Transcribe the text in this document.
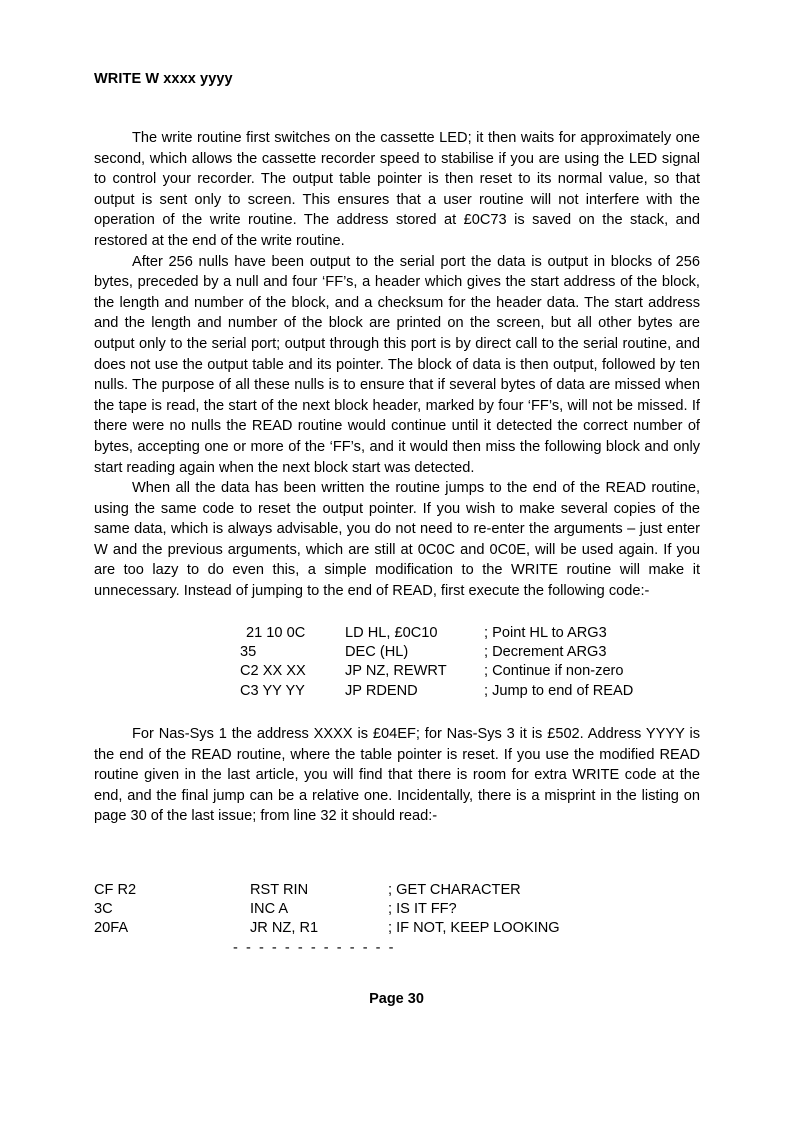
WRITE W xxxx yyyy

The write routine first switches on the cassette LED; it then waits for approximately one second, which allows the cassette recorder speed to stabilise if you are using the LED signal to control your recorder. The output table pointer is then reset to its normal value, so that output is sent only to screen. This ensures that a user routine will not interfere with the operation of the write routine. The address stored at £0C73 is saved on the stack, and restored at the end of the write routine.

After 256 nulls have been output to the serial port the data is output in blocks of 256 bytes, preceded by a null and four ‘FF’s, a header which gives the start address of the block, the length and number of the block, and a checksum for the header data. The start address and the length and number of the block are printed on the screen, but all other bytes are output only to the serial port; output through this port is by direct call to the serial routine, and does not use the output table and its pointer. The block of data is then output, followed by ten nulls. The purpose of all these nulls is to ensure that if several bytes of data are missed when the tape is read, the start of the next block header, marked by four ‘FF’s, will not be missed. If there were no nulls the READ routine would continue until it detected the correct number of bytes, accepting one or more of the ‘FF’s, and it would then miss the following block and only start reading again when the next block start was detected.

When all the data has been written the routine jumps to the end of the READ routine, using the same code to reset the output pointer. If you wish to make several copies of the same data, which is always advisable, you do not need to re-enter the arguments – just enter W and the previous arguments, which are still at 0C0C and 0C0E, will be used again. If you are too lazy to do even this, a simple modification to the WRITE routine will make it unnecessary. Instead of jumping to the end of READ, first execute the following code:-

21 10 0C	LD HL, £0C10	; Point HL to ARG3
35	DEC (HL)	; Decrement ARG3
C2 XX XX	JP NZ, REWRT	; Continue if non-zero
C3 YY YY	JP RDEND	; Jump to end of READ

For Nas-Sys 1 the address XXXX is £04EF; for Nas-Sys 3 it is £502. Address YYYY is the end of the READ routine, where the table pointer is reset. If you use the modified READ routine given in the last article, you will find that there is room for extra WRITE code at the end, and the final jump can be a relative one. Incidentally, there is a misprint in the listing on page 30 of the last issue; from line 32 it should read:-

CF R2	RST RIN	; GET CHARACTER
3C	INC A	; IS IT FF?
20FA	JR NZ, R1	; IF NOT, KEEP LOOKING
-  -  -  -  -  -  -  -  -  -  -  -  -
Page 30
